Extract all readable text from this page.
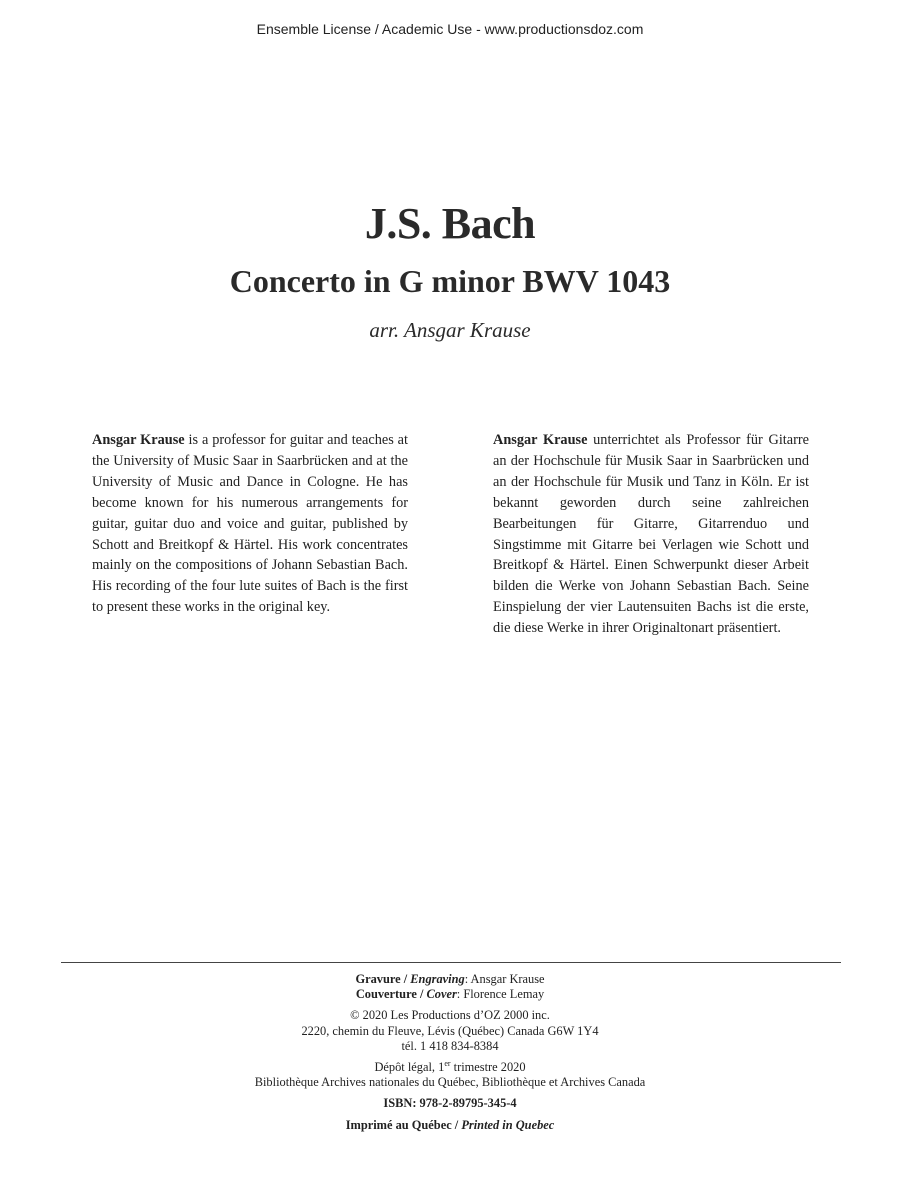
Ensemble License / Academic Use - www.productionsdoz.com
J.S. Bach
Concerto in G minor BWV 1043
arr. Ansgar Krause

Ansgar Krause is a professor for guitar and teaches at the University of Music Saar in Saarbrücken and at the University of Music and Dance in Cologne. He has become known for his numerous arrangements for guitar, guitar duo and voice and guitar, published by Schott and Breitkopf & Härtel. His work concentrates mainly on the compositions of Johann Sebastian Bach. His recording of the four lute suites of Bach is the first to present these works in the original key.

Ansgar Krause unterrichtet als Professor für Gitarre an der Hochschule für Musik Saar in Saarbrücken und an der Hochschule für Musik und Tanz in Köln. Er ist bekannt geworden durch seine zahlreichen Bearbeitungen für Gitarre, Gitarrenduo und Singstimme mit Gitarre bei Verlagen wie Schott und Breitkopf & Härtel. Einen Schwerpunkt dieser Arbeit bilden die Werke von Johann Sebastian Bach. Seine Einspielung der vier Lautensuiten Bachs ist die erste, die diese Werke in ihrer Originaltonart präsentiert.

Gravure / Engraving: Ansgar Krause
Couverture / Cover: Florence Lemay
© 2020 Les Productions d’OZ 2000 inc.
2220, chemin du Fleuve, Lévis (Québec) Canada G6W 1Y4
tél. 1 418 834-8384
Dépôt légal, 1er trimestre 2020
Bibliothèque Archives nationales du Québec, Bibliothèque et Archives Canada
ISBN: 978-2-89795-345-4
Imprimé au Québec / Printed in Quebec
